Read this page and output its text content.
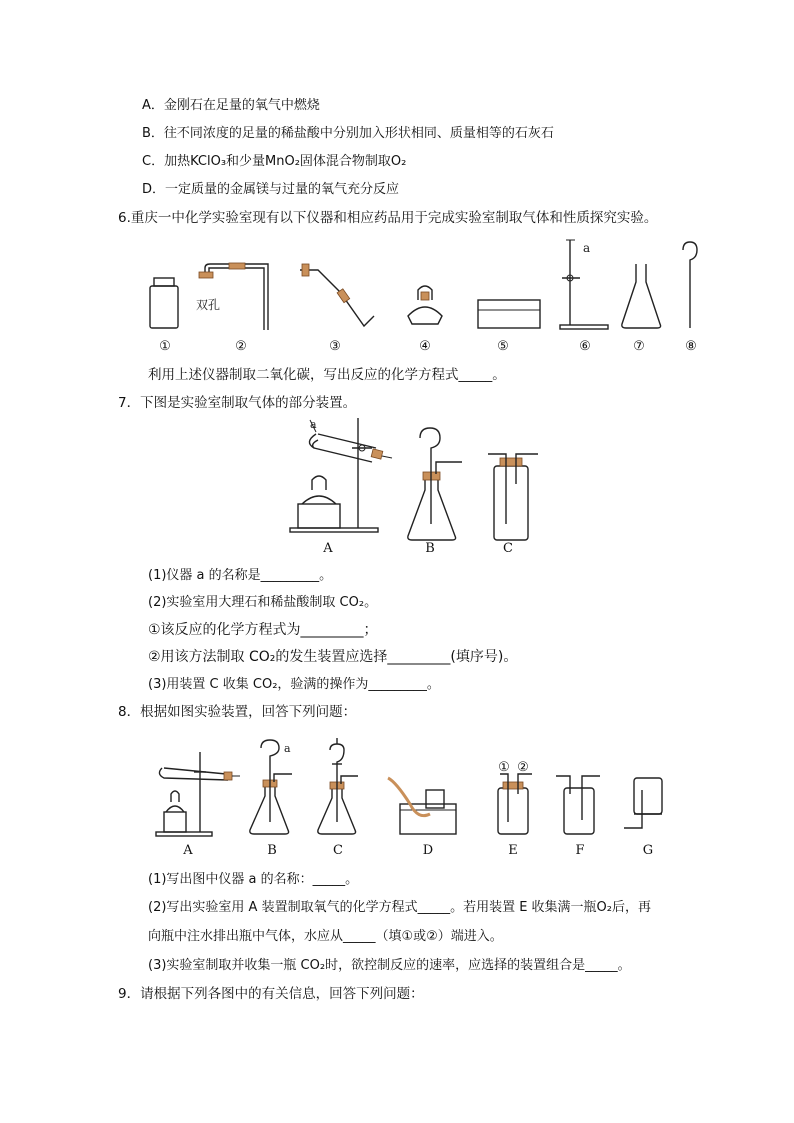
A．金刚石在足量的氧气中燃烧
B．往不同浓度的足量的稀盐酸中分别加入形状相同、质量相等的石灰石
C．加热KClO₃和少量MnO₂固体混合物制取O₂
D．一定质量的金属镁与过量的氧气充分反应
6.重庆一中化学实验室现有以下仪器和相应药品用于完成实验室制取气体和性质探究实验。
双孔
a
①	②	③	④	⑤	⑥	⑦	⑧
利用上述仪器制取二氧化碳，写出反应的化学方程式_____。
7．下图是实验室制取气体的部分装置。
a
A	B	C
(1)仪器 a 的名称是_________。
(2)实验室用大理石和稀盐酸制取 CO₂。
①该反应的化学方程式为_________；
②用该方法制取 CO₂的发生装置应选择_________(填序号)。
(3)用装置 C 收集 CO₂，验满的操作为_________。
8．根据如图实验装置，回答下列问题：
a
① ②
A	B	C	D	E	F	G
(1)写出图中仪器 a 的名称：_____。
(2)写出实验室用 A 装置制取氧气的化学方程式_____。若用装置 E 收集满一瓶O₂后，再
向瓶中注水排出瓶中气体，水应从_____（填①或②）端进入。
(3)实验室制取并收集一瓶 CO₂时，欲控制反应的速率，应选择的装置组合是_____。
9．请根据下列各图中的有关信息，回答下列问题：
